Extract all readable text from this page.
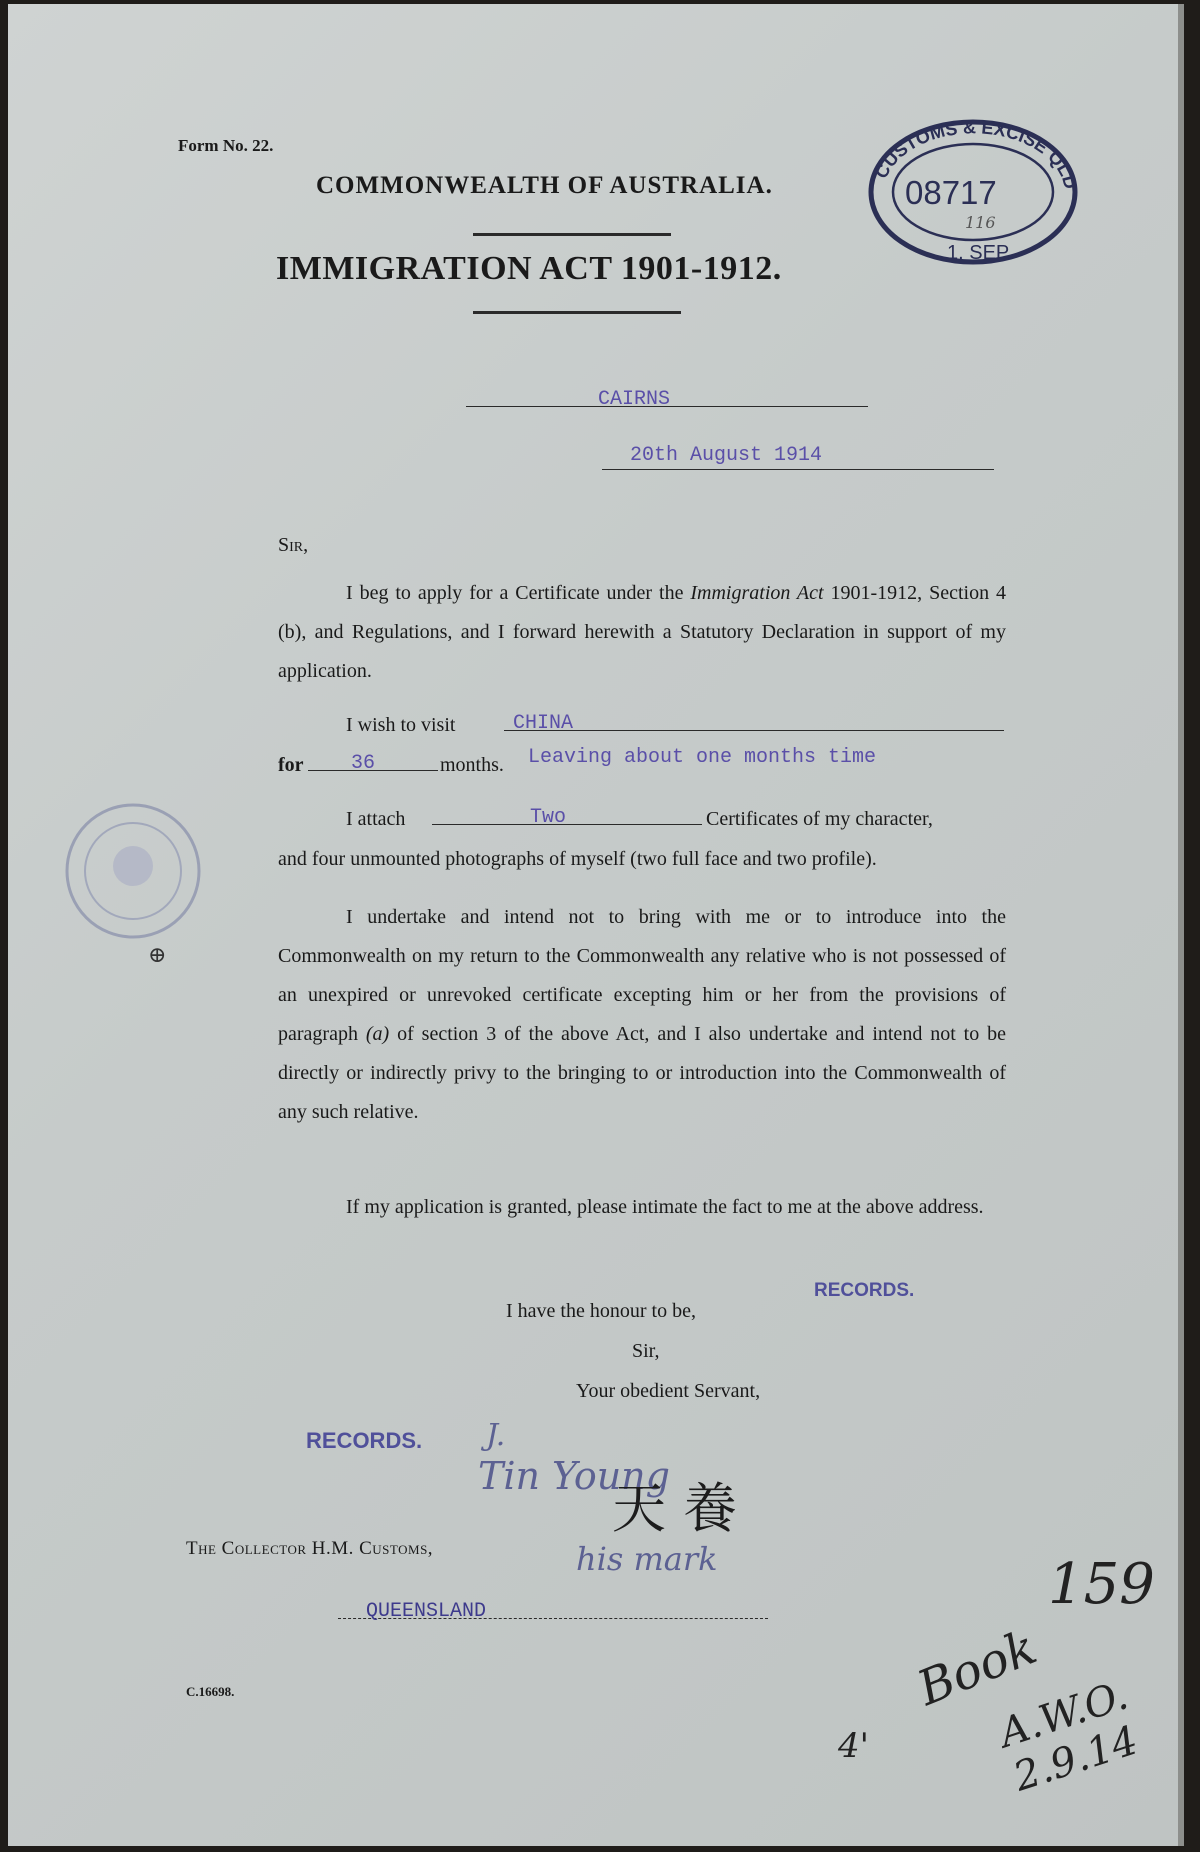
Form No. 22.
COMMONWEALTH OF AUSTRALIA.
IMMIGRATION ACT 1901-1912.
CUSTOMS & EXCISE QLD
08717
116
1. SEP.
CAIRNS
20th August 1914
Sir,
I beg to apply for a Certificate under the Immigration Act 1901-1912, Section 4 (b), and Regulations, and I forward herewith a Statutory Declaration in support of my application.
I wish to visit	CHINA
for 36	months. Leaving about one months time
I attach	Two	Certificates of my character,
and four unmounted photographs of myself (two full face and two profile).
⊕
I undertake and intend not to bring with me or to introduce into the Commonwealth on my return to the Commonwealth any relative who is not possessed of an unexpired or unrevoked certificate excepting him or her from the provisions of paragraph (a) of section 3 of the above Act, and I also undertake and intend not to be directly or indirectly privy to the bringing to or introduction into the Commonwealth of any such relative.
If my application is granted, please intimate the fact to me at the above address.
I have the honour to be,
RECORDS.
Sir,
Your obedient Servant,
RECORDS. J.
Tin Young
天 養
his mark
The Collector H.M. Customs,
QUEENSLAND
C.16698.
159
Book
4'	A.W.O. 2.9.14
